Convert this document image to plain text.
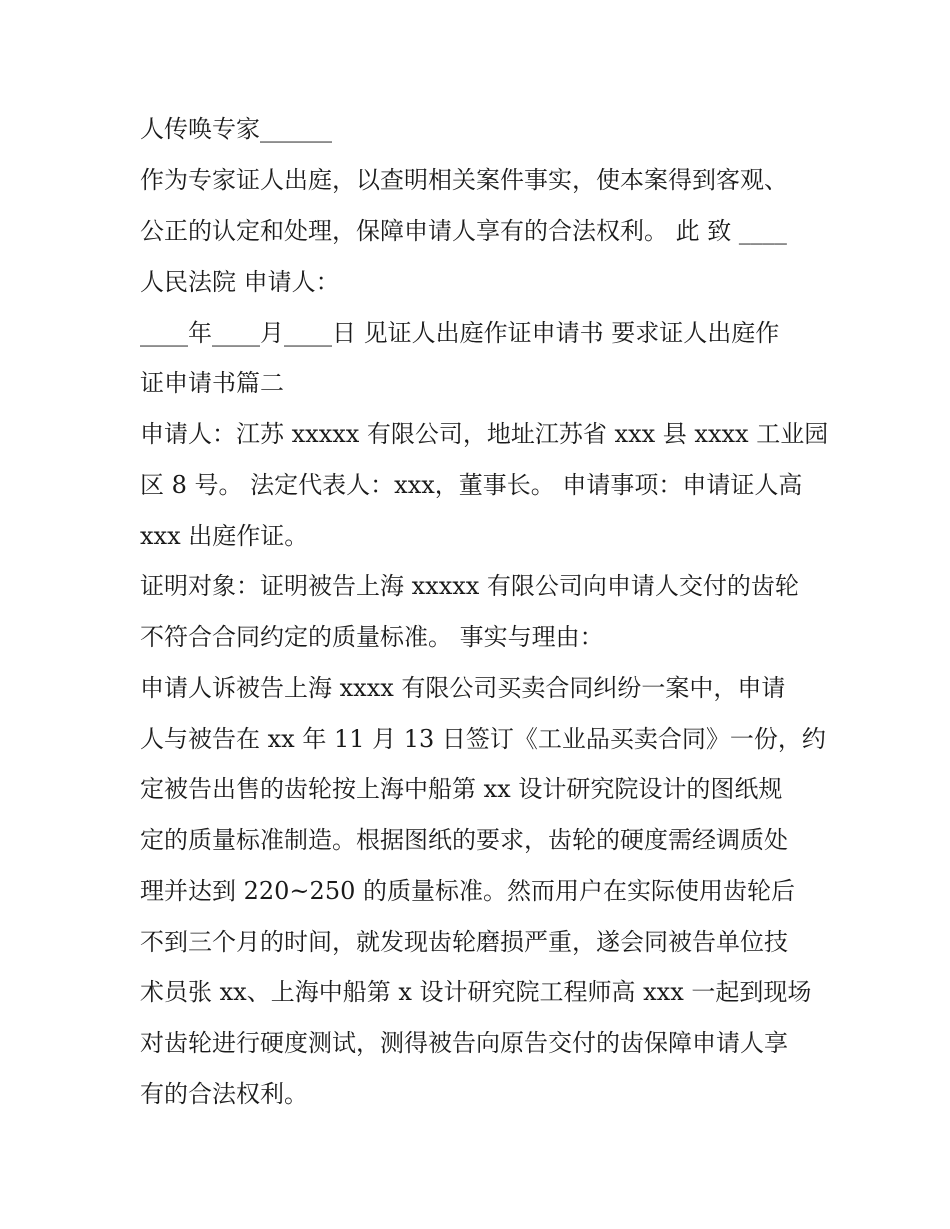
人传唤专家______

作为专家证人出庭，以查明相关案件事实，使本案得到客观、

公正的认定和处理，保障申请人享有的合法权利。 此 致 ____

人民法院 申请人：

____年____月____日 见证人出庭作证申请书 要求证人出庭作

证申请书篇二

申请人：江苏 xxxxx 有限公司，地址江苏省 xxx 县 xxxx 工业园

区 8 号。 法定代表人：xxx，董事长。 申请事项：申请证人高

xxx 出庭作证。

证明对象：证明被告上海 xxxxx 有限公司向申请人交付的齿轮

不符合合同约定的质量标准。 事实与理由：

申请人诉被告上海 xxxx 有限公司买卖合同纠纷一案中，申请

人与被告在 xx 年 11 月 13 日签订《工业品买卖合同》一份，约

定被告出售的齿轮按上海中船第 xx 设计研究院设计的图纸规

定的质量标准制造。根据图纸的要求，齿轮的硬度需经调质处

理并达到 220~250 的质量标准。然而用户在实际使用齿轮后

不到三个月的时间，就发现齿轮磨损严重，遂会同被告单位技

术员张 xx、上海中船第 x 设计研究院工程师高 xxx 一起到现场

对齿轮进行硬度测试，测得被告向原告交付的齿保障申请人享

有的合法权利。
